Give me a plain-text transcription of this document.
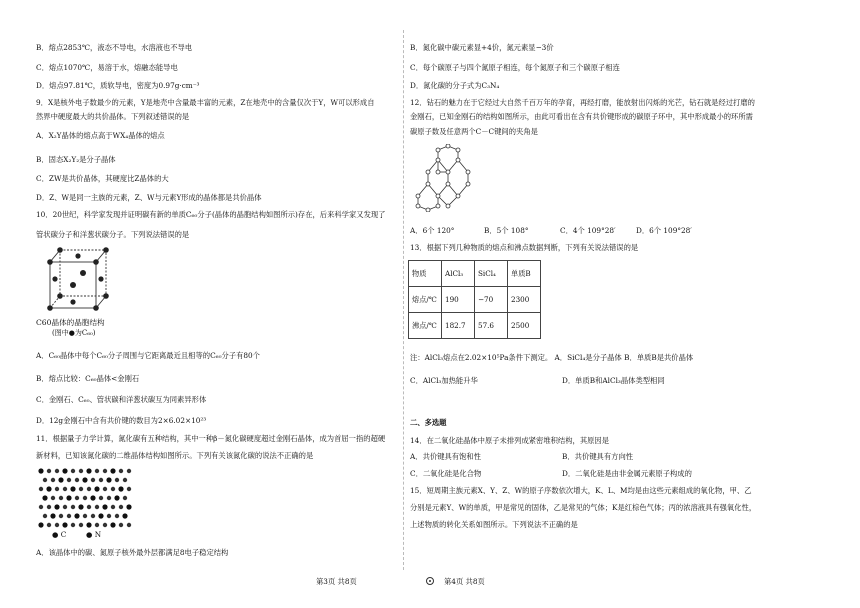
B．熔点2853℃，液态不导电，水溶液也不导电
C．熔点1070℃，易溶于水，熔融态能导电
D．熔点97.81℃，质软导电，密度为0.97g·cm⁻³
9．X是核外电子数最少的元素，Y是地壳中含量最丰富的元素，Z在地壳中的含量仅次于Y，W可以形成自
然界中硬度最大的共价晶体。下列叙述错误的是
A．X₂Y晶体的熔点高于WX₄晶体的熔点
B．固态X₂Y₂是分子晶体
C．ZW是共价晶体，其硬度比Z晶体的大
D．Z、W是同一主族的元素，Z、W与元素Y形成的晶体都是共价晶体
10．20世纪，科学家发现并证明碳有新的单质C₆₀分子(晶体的晶胞结构如图所示)存在，后来科学家又发现了
管状碳分子和洋葱状碳分子。下列说法错误的是
C60晶体的晶胞结构
(图中●为C₆₀)
A．C₆₀晶体中每个C₆₀分子周围与它距离最近且相等的C₆₀分子有80个
B．熔点比较：C₆₀晶体<金刚石
C．金刚石、C₆₀、管状碳和洋葱状碳互为同素异形体
D．12g金刚石中含有共价键的数目为2×6.02×10²³
11．根据量子力学计算，氮化碳有五种结构，其中一种β－氮化碳硬度超过金刚石晶体，成为首屈一指的超硬
新材料，已知该氮化碳的二维晶体结构如图所示。下列有关该氮化碳的说法不正确的是
● C	● N
A．该晶体中的碳、氮原子核外最外层都满足8电子稳定结构
B．氮化碳中碳元素显+4价，氮元素显−3价
C．每个碳原子与四个氮原子相连，每个氮原子和三个碳原子相连
D．氮化碳的分子式为C₃N₄
12．钻石的魅力在于它经过大自然千百万年的孕育，再经打磨，能放射出闪烁的光芒，钻石就是经过打磨的
金刚石，已知金刚石的结构如图所示，由此可看出在含有共价键形成的碳原子环中，其中形成最小的环所需
碳原子数及任意两个C－C键间的夹角是
A．6个 120°	B．5个 108°	C．4个 109°28′	D．6个 109°28′
13．根据下列几种物质的熔点和沸点数据判断，下列有关说法错误的是
物质	AlCl₃	SiCl₄	单质B
熔点/℃	190	−70	2300
沸点/℃	182.7	57.6	2500
注：AlCl₃熔点在2.02×10⁵Pa条件下测定。 A．SiCl₄是分子晶体 B．单质B是共价晶体
C．AlCl₃加热能升华	D．单质B和AlCl₃晶体类型相同
二、多选题
14．在二氧化硅晶体中原子未排列成紧密堆积结构，其原因是
A．共价键具有饱和性	B．共价键具有方向性
C．二氧化硅是化合物	D．二氧化硅是由非金属元素原子构成的
15．短周期主族元素X、Y、Z、W的原子序数依次增大，K、L、M均是由这些元素组成的氧化物，甲、乙
分别是元素Y、W的单质，甲是常见的固体，乙是常见的气体；K是红棕色气体；丙的浓溶液具有强氧化性，
上述物质的转化关系如图所示。下列说法不正确的是
第3页 共8页	第4页 共8页
